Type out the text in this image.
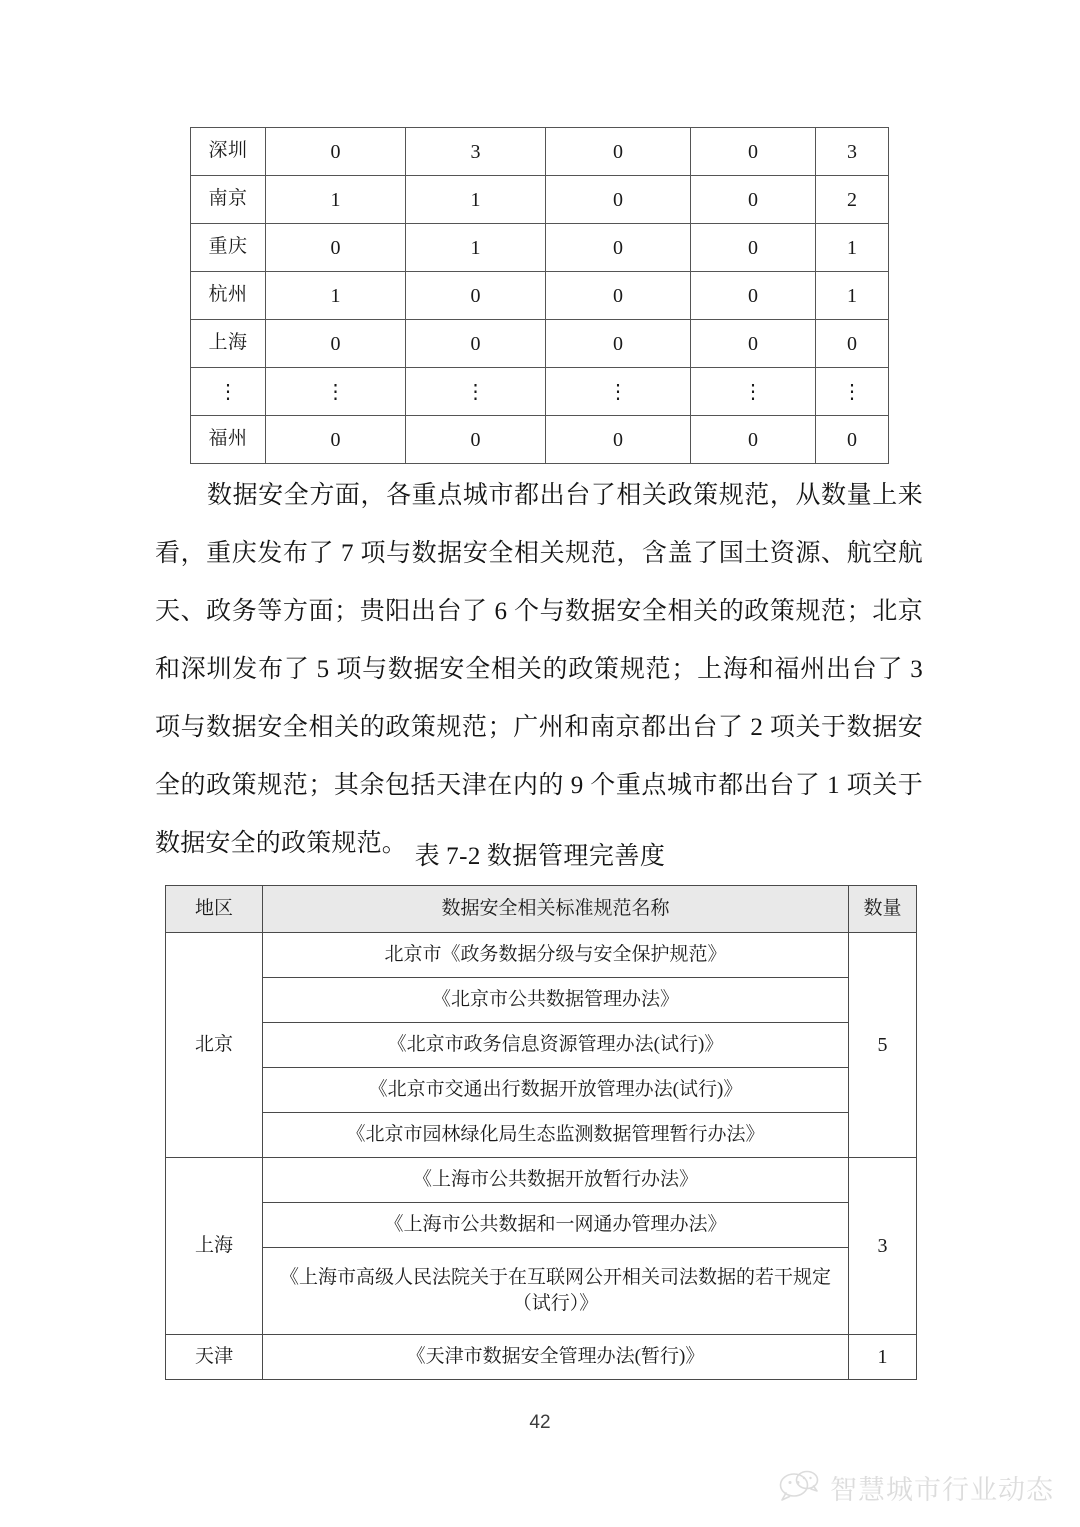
深圳	0	3	0	0	3
南京	1	1	0	0	2
重庆	0	1	0	0	1
杭州	1	0	0	0	1
上海	0	0	0	0	0
⋮	⋮	⋮	⋮	⋮	⋮
福州	0	0	0	0	0

数据安全方面，各重点城市都出台了相关政策规范，从数量上来看，重庆发布了 7 项与数据安全相关规范，含盖了国土资源、航空航天、政务等方面；贵阳出台了 6 个与数据安全相关的政策规范；北京和深圳发布了 5 项与数据安全相关的政策规范；上海和福州出台了 3 项与数据安全相关的政策规范；广州和南京都出台了 2 项关于数据安全的政策规范；其余包括天津在内的 9 个重点城市都出台了 1 项关于数据安全的政策规范。 表 7-2 数据管理完善度
地区	数据安全相关标准规范名称	数量
北京	北京市《政务数据分级与安全保护规范》	5
	《北京市公共数据管理办法》	
	《北京市政务信息资源管理办法(试行)》	
	《北京市交通出行数据开放管理办法(试行)》	
	《北京市园林绿化局生态监测数据管理暂行办法》	
上海	《上海市公共数据开放暂行办法》	3
	《上海市公共数据和一网通办管理办法》	

	《上海市高级人民法院关于在互联网公开相关司法数据的若干规定
（试行）》	

天津	《天津市数据安全管理办法(暂行)》	1
42
智慧城市行业动态
